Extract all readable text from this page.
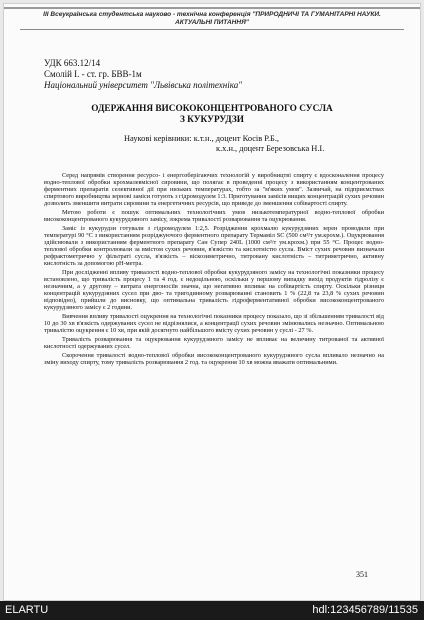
III Всеукраїнська студентська науково - технічна конференція "ПРИРОДНИЧІ ТА ГУМАНІТАРНІ НАУКИ.
АКТУАЛЬНІ ПИТАННЯ"
УДК 663.12/14
Смолій І. - ст. гр. БВВ-1м
Національний університет "Львівська політехніка"
ОДЕРЖАННЯ ВИСОКОКОНЦЕНТРОВАНОГО СУСЛА
З КУКУРУДЗИ
Наукові керівники: к.т.н., доцент Косів Р.Б.,
к.х.н., доцент Березовська Н.І.

Серед напрямів створення ресурсо- і енергозберігаючих технологій у виробництві спирту є вдосконалення процесу водно-теплової обробки крохмалевмісної сировини, що полягає в проведенні процесу з використанням концентрованих ферментних препаратів селективної дії при низьких температурах, тобто за "м'яких умов". Зазвичай, на підприємствах спиртового виробництва зернові заміси готують з гідромодулем 1:3. Приготування замісів вищих концентрацій сухих речовин дозволить зменшити витрати сировини та енергетичних ресурсів, що приведе до зменшення собівартості спирту.

Метою роботи є пошук оптимальних технологічних умов низькотемпературної водно-теплової обробки висококонцентрованого кукурудзяного замісу, зокрема тривалості розварювання та оцукрювання.

Заміс із кукурудзи готували з гідромодулем 1:2,5. Розрідження крохмалю кукурудзяних зерен проводили при температурі 90 °С з використанням розріджуючого ферментного препарату Термаміл SC (500 см³/т ум.крохм.). Оцукрювання здійснювали з використанням ферментного препарату Сан Супер 240L (1000 см³/т ум.крохм.) при 55 °С. Процес водно-теплової обробки контролювали за вмістом сухих речовин, в'язкістю та кислотністю сусла. Вміст сухих речовин визначали рефрактометрично у фільтраті сусла, в'язкість – віскозиметрично, титровану кислотність – титриметрично, активну кислотність за допомогою рН-метра.

При дослідженні впливу тривалості водно-теплової обробки кукурудзяного замісу на технологічні показники процесу встановлено, що тривалість процесу 1 та 4 год. є недоцільною, оскільки у першому випадку вихід продуктів гідролізу є незначним, а у другому – витрата енергоносіїв значна, що негативно впливає на собівартість спирту. Оскільки різниця концентрацій кукурудзяних сусел при дво- та тригодинному розварюванні становить 1 % (22,8 та 23,8 % сухих речовин відповідно), прийшли до висновку, що оптимальна тривалість гідроферментативної обробки висококонцентрованого кукурудзяного замісу є 2 години.

Вивчення впливу тривалості оцукрення на технологічні показники процесу показало, що зі збільшенням тривалості від 10 до 30 хв в'язкість одержуваних сусел не відрізнялися, а концентрації сухих речовин змінювались незначно. Оптимальною тривалістю оцукрення є 10 хв, при якій досягнуто найбільшого вмісту сухих речовин у суслі - 27 %.

Тривалість розварювання та оцукрювання кукурудзяного замісу не впливає на величину титрованої та активної кислотності одержуваних сусел.

Скорочення тривалості водно-теплової обробки висококонцентрованого кукурудзяного сусла впливало незначно на зміну виходу спирту, тому тривалість розварювання 2 год. та оцукрення 10 хв можна вважати оптимальними.

351
ELARTU	hdl:123456789/11535
